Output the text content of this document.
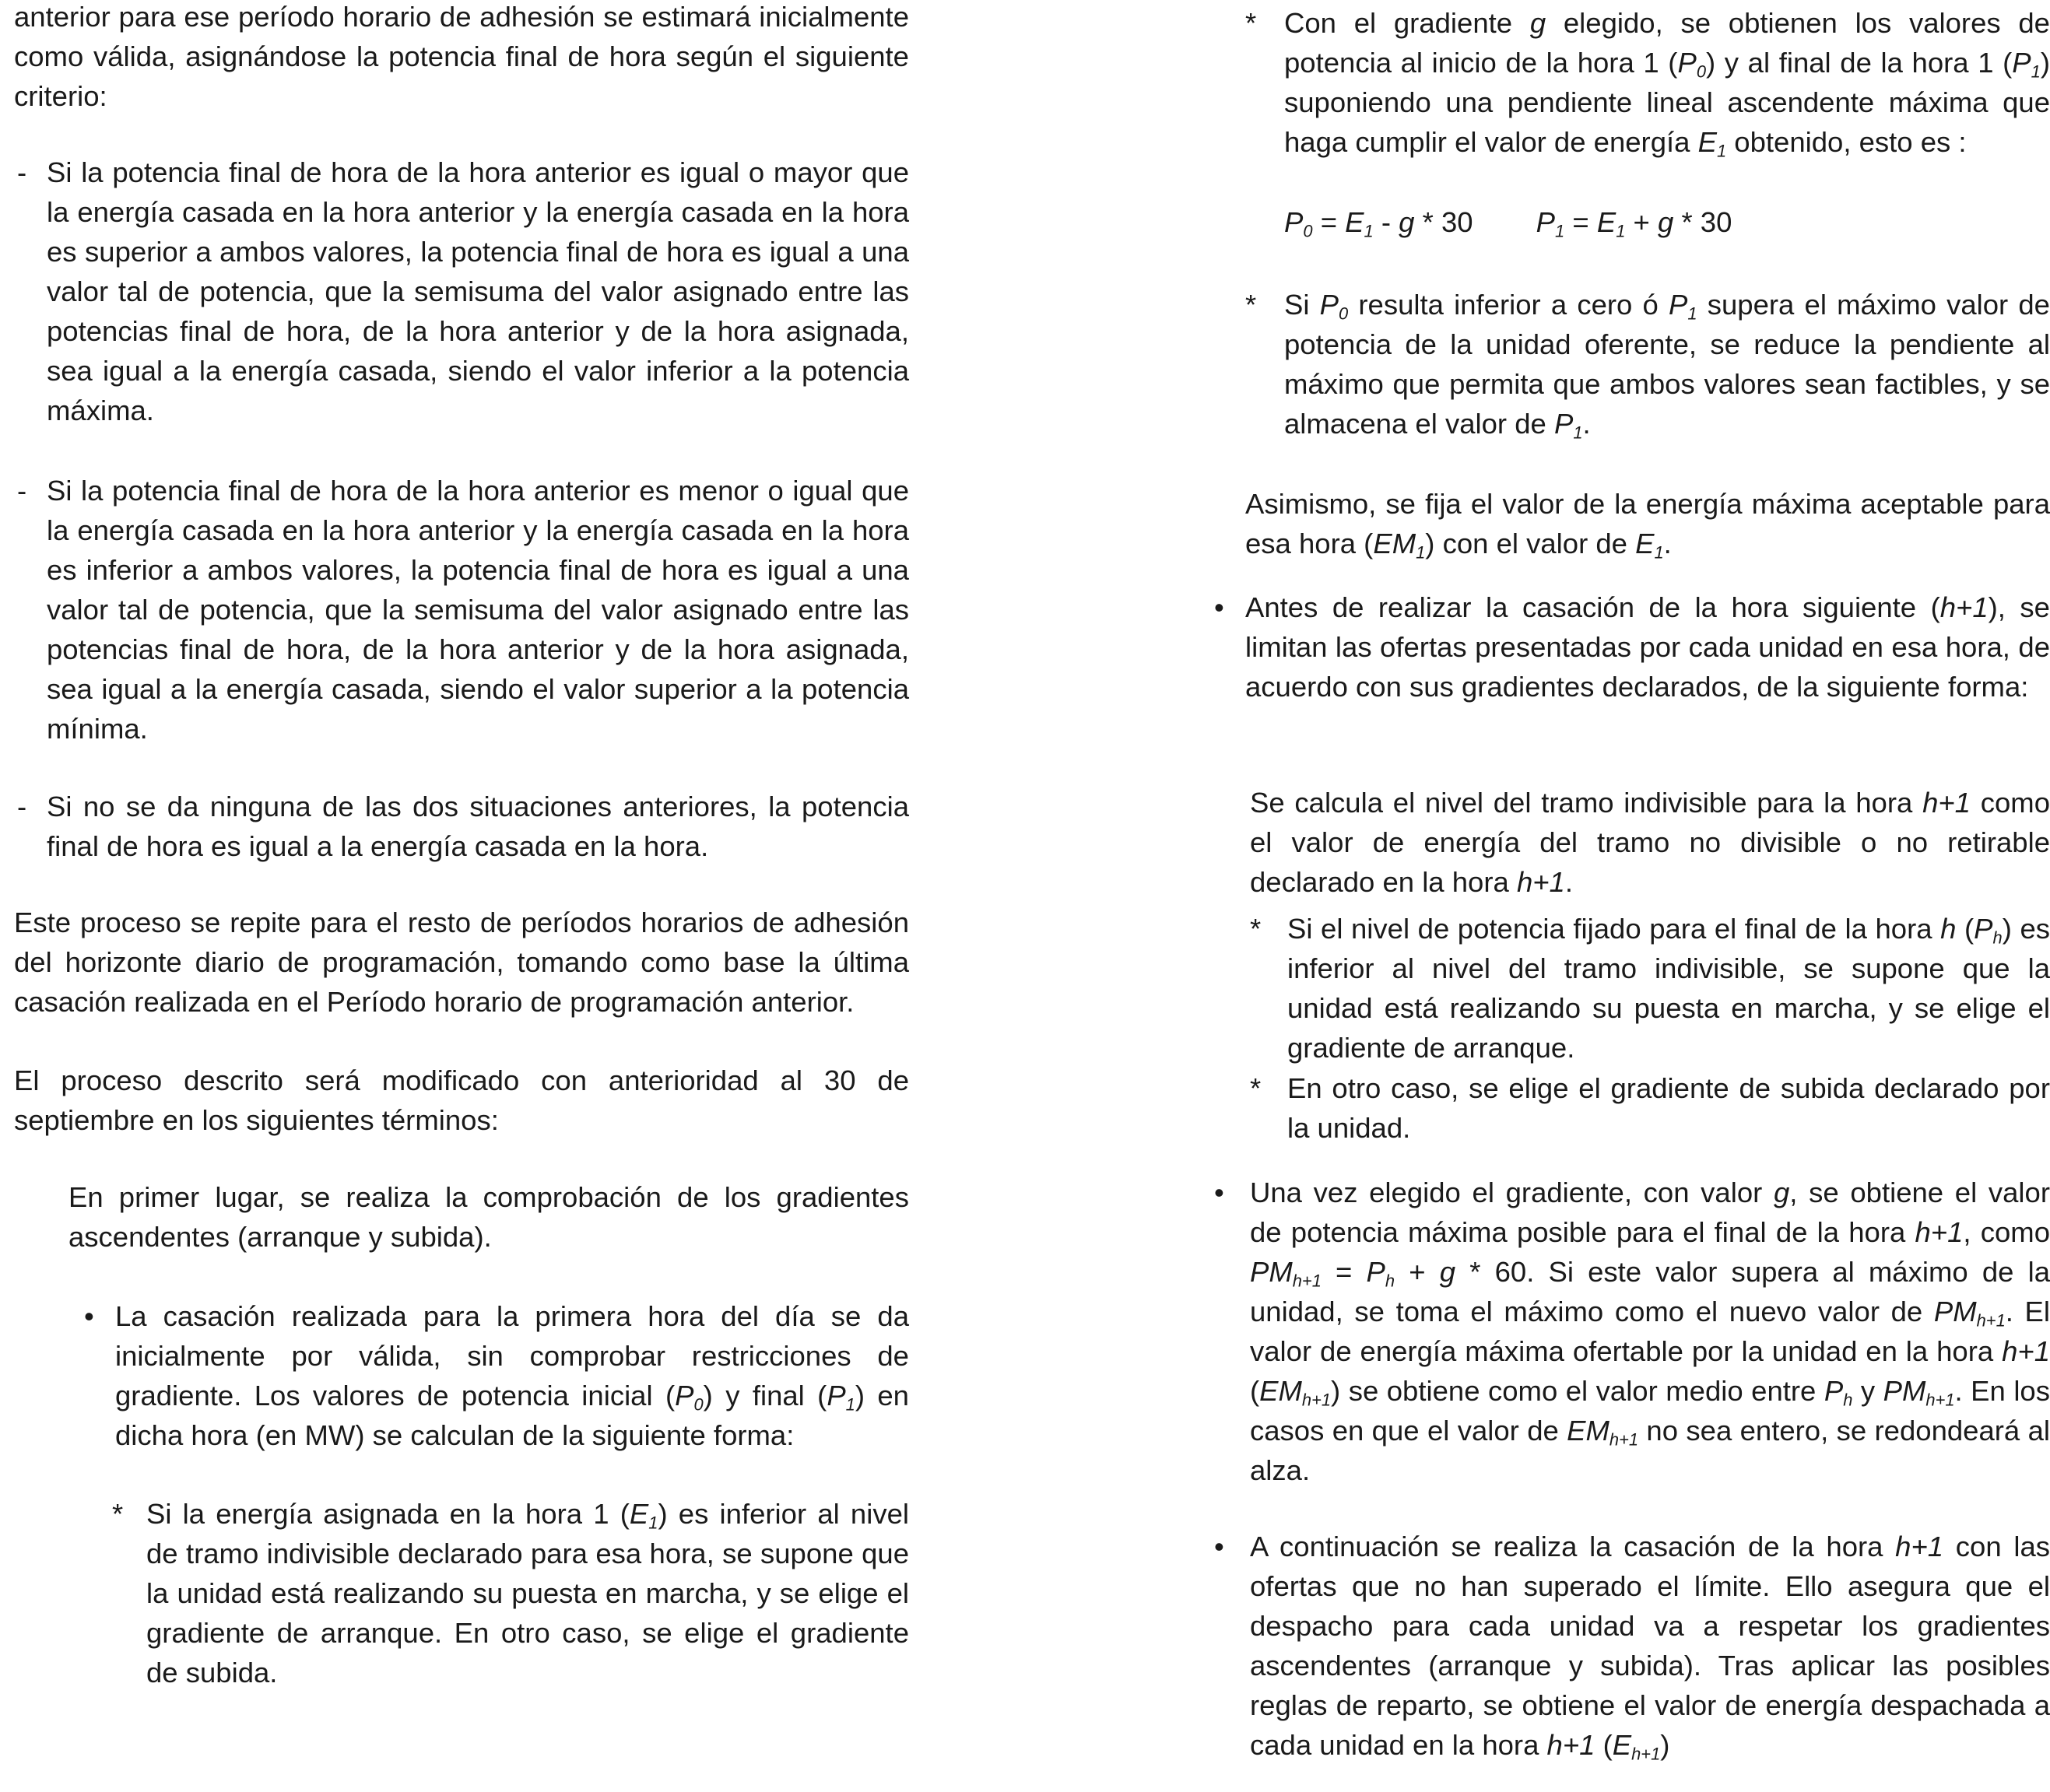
anterior para ese período horario de adhesión se estimará inicialmente como válida, asignándose la potencia final de hora según el siguiente criterio:

- Si la potencia final de hora de la hora anterior es igual o mayor que la energía casada en la hora anterior y la energía casada en la hora es superior a ambos valores, la potencia final de hora es igual a una valor tal de potencia, que la semisuma del valor asignado entre las potencias final de hora, de la hora anterior y de la hora asignada, sea igual a la energía casada, siendo el valor inferior a la potencia máxima.

- Si la potencia final de hora de la hora anterior es menor o igual que la energía casada en la hora anterior y la energía casada en la hora es inferior a ambos valores, la potencia final de hora es igual a una valor tal de potencia, que la semisuma del valor asignado entre las potencias final de hora, de la hora anterior y de la hora asignada, sea igual a la energía casada, siendo el valor superior a la potencia mínima.

- Si no se da ninguna de las dos situaciones anteriores, la potencia final de hora es igual a la energía casada en la hora.

Este proceso se repite para el resto de períodos horarios de adhesión del horizonte diario de programación, tomando como base la última casación realizada en el Período horario de programación anterior.

El proceso descrito será modificado con anterioridad al 30 de septiembre en los siguientes términos:

En primer lugar, se realiza la comprobación de los gradientes ascendentes (arranque y subida).

• La casación realizada para la primera hora del día se da inicialmente por válida, sin comprobar restricciones de gradiente. Los valores de potencia inicial $(P_0)$ y final $(P_1)$ en dicha hora (en MW) se calculan de la siguiente forma:

* Si la energía asignada en la hora 1 $(E_1)$ es inferior al nivel de tramo indivisible declarado para esa hora, se supone que la unidad está realizando su puesta en marcha, y se elige el gradiente de arranque. En otro caso, se elige el gradiente de subida.

* Con el gradiente g elegido, se obtienen los valores de potencia al inicio de la hora 1 $(P_0)$ y al final de la hora 1 $(P_1)$ suponiendo una pendiente lineal ascendente máxima que haga cumplir el valor de energía $E_1$ obtenido, esto es :

$P_0 = E_1 - g * 30$        $P_1 = E_1 + g * 30$

* Si $P_0$ resulta inferior a cero ó $P_1$ supera el máximo valor de potencia de la unidad oferente, se reduce la pendiente al máximo que permita que ambos valores sean factibles, y se almacena el valor de $P_1$.

Asimismo, se fija el valor de la energía máxima aceptable para esa hora $(EM_1)$ con el valor de $E_1$.

• Antes de realizar la casación de la hora siguiente (h+1), se limitan las ofertas presentadas por cada unidad en esa hora, de acuerdo con sus gradientes declarados, de la siguiente forma:

Se calcula el nivel del tramo indivisible para la hora h+1 como el valor de energía del tramo no divisible o no retirable declarado en la hora h+1.

* Si el nivel de potencia fijado para el final de la hora h $(P_h)$ es inferior al nivel del tramo indivisible, se supone que la unidad está realizando su puesta en marcha, y se elige el gradiente de arranque.

* En otro caso, se elige el gradiente de subida declarado por la unidad.

• Una vez elegido el gradiente, con valor g, se obtiene el valor de potencia máxima posible para el final de la hora h+1, como $PM_{h+1} = P_h + g * 60$. Si este valor supera al máximo de la unidad, se toma el máximo como el nuevo valor de $PM_{h+1}$. El valor de energía máxima ofertable por la unidad en la hora h+1 $(EM_{h+1})$ se obtiene como el valor medio entre $P_h$ y $PM_{h+1}$. En los casos en que el valor de $EM_{h+1}$ no sea entero, se redondeará al alza.

• A continuación se realiza la casación de la hora h+1 con las ofertas que no han superado el límite. Ello asegura que el despacho para cada unidad va a respetar los gradientes ascendentes (arranque y subida). Tras aplicar las posibles reglas de reparto, se obtiene el valor de energía despachada a cada unidad en la hora h+1 $(E_{h+1})$
